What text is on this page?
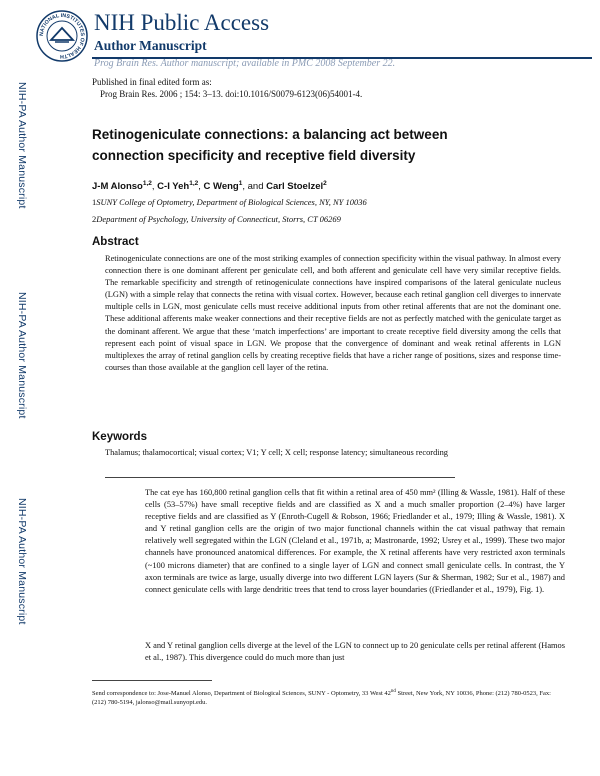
NIH-PA Author Manuscript
NIH-PA Author Manuscript
NIH-PA Author Manuscript
NATIONAL INSTITUTES OF HEALTH
NIH Public Access
Author Manuscript
Prog Brain Res. Author manuscript; available in PMC 2008 September 22.
Published in final edited form as:
Prog Brain Res. 2006 ; 154: 3–13. doi:10.1016/S0079-6123(06)54001-4.
Retinogeniculate connections: a balancing act between
connection specificity and receptive field diversity
J-M Alonso$^{1,2}$, C-I Yeh$^{1,2}$, C Weng$^1$, and Carl Stoelzel$^2$
1SUNY College of Optometry, Department of Biological Sciences, NY, NY 10036
2Department of Psychology, University of Connecticut, Storrs, CT 06269
Abstract
Retinogeniculate connections are one of the most striking examples of connection specificity within the visual pathway. In almost every connection there is one dominant afferent per geniculate cell, and both afferent and geniculate cell have very similar receptive fields. The remarkable specificity and strength of retinogeniculate connections have inspired comparisons of the lateral geniculate nucleus (LGN) with a simple relay that connects the retina with visual cortex. However, because each retinal ganglion cell diverges to innervate multiple cells in LGN, most geniculate cells must receive additional inputs from other retinal afferents that are not the dominant one. These additional afferents make weaker connections and their receptive fields are not as perfectly matched with the geniculate target as the dominant afferent. We argue that these ‘match imperfections’ are important to create receptive field diversity among the cells that represent each point of visual space in LGN. We propose that the convergence of dominant and weak retinal afferents in LGN multiplexes the array of retinal ganglion cells by creating receptive fields that have a richer range of positions, sizes and response time-courses than those available at the ganglion cell layer of the retina.
Keywords
Thalamus; thalamocortical; visual cortex; V1; Y cell; X cell; response latency; simultaneous recording
The cat eye has 160,800 retinal ganglion cells that fit within a retinal area of 450 mm² (Illing & Wassle, 1981). Half of these cells (53–57%) have small receptive fields and are classified as X and a much smaller proportion (2–4%) have larger receptive fields and are classified as Y (Enroth-Cugell & Robson, 1966; Friedlander et al., 1979; Illing & Wassle, 1981). X and Y retinal ganglion cells are the origin of two major functional channels within the cat visual pathway that remain relatively well segregated within the LGN (Cleland et al., 1971b, a; Mastronarde, 1992; Usrey et al., 1999). These two major channels have pronounced anatomical differences. For example, the X retinal afferents have very restricted axon terminals (~100 microns diameter) that are confined to a single layer of LGN and connect small geniculate cells. In contrast, the Y axon terminals are twice as large, usually diverge into two different LGN layers (Sur & Sherman, 1982; Sur et al., 1987) and connect geniculate cells with large dendritic trees that tend to cross layer boundaries ((Friedlander et al., 1979), Fig. 1).
X and Y retinal ganglion cells diverge at the level of the LGN to connect up to 20 geniculate cells per retinal afferent (Hamos et al., 1987). This divergence could do much more than just
Send correspondence to: Jose-Manuel Alonso, Department of Biological Sciences, SUNY - Optometry, 33 West 42nd Street, New York, NY 10036, Phone: (212) 780-0523, Fax: (212) 780-5194, jalonso@mail.sunyopt.edu.
